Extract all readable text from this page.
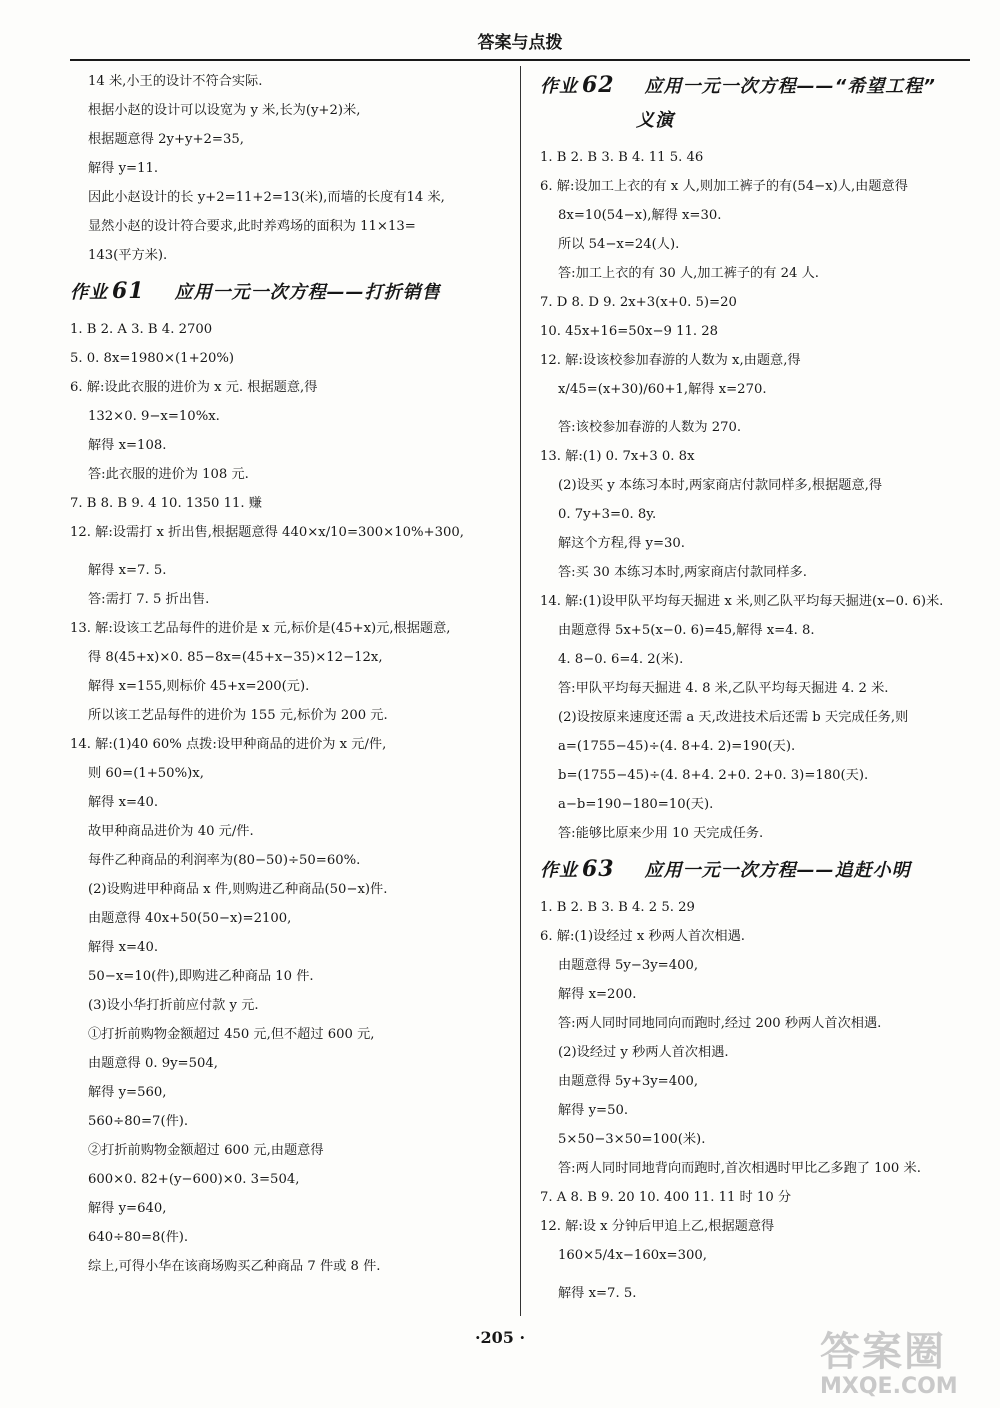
答案与点拨
14 米,小王的设计不符合实际.
根据小赵的设计可以设宽为 y 米,长为(y+2)米,
根据题意得 2y+y+2=35,
解得 y=11.
因此小赵设计的长 y+2=11+2=13(米),而墙的长度有14 米,
显然小赵的设计符合要求,此时养鸡场的面积为 11×13=
143(平方米).
作业 61 应用一元一次方程——打折销售
1. B 2. A 3. B 4. 2700
5. 0. 8x=1980×(1+20%)
6. 解:设此衣服的进价为 x 元. 根据题意,得
132×0. 9−x=10%x.
解得 x=108.
答:此衣服的进价为 108 元.
7. B 8. B 9. 4 10. 1350 11. 赚
12. 解:设需打 x 折出售,根据题意得 440×x/10=300×10%+300,
解得 x=7. 5.
答:需打 7. 5 折出售.
13. 解:设该工艺品每件的进价是 x 元,标价是(45+x)元,根据题意,
得 8(45+x)×0. 85−8x=(45+x−35)×12−12x,
解得 x=155,则标价 45+x=200(元).
所以该工艺品每件的进价为 155 元,标价为 200 元.
14. 解:(1)40 60% 点拨:设甲种商品的进价为 x 元/件,
则 60=(1+50%)x,
解得 x=40.
故甲种商品进价为 40 元/件.
每件乙种商品的利润率为(80−50)÷50=60%.
(2)设购进甲种商品 x 件,则购进乙种商品(50−x)件.
由题意得 40x+50(50−x)=2100,
解得 x=40.
50−x=10(件),即购进乙种商品 10 件.
(3)设小华打折前应付款 y 元.
①打折前购物金额超过 450 元,但不超过 600 元,
由题意得 0. 9y=504,
解得 y=560,
560÷80=7(件).
②打折前购物金额超过 600 元,由题意得
600×0. 82+(y−600)×0. 3=504,
解得 y=640,
640÷80=8(件).
综上,可得小华在该商场购买乙种商品 7 件或 8 件.
作业 62 应用一元一次方程——“希望工程”
义演
1. B 2. B 3. B 4. 11 5. 46
6. 解:设加工上衣的有 x 人,则加工裤子的有(54−x)人,由题意得
8x=10(54−x),解得 x=30.
所以 54−x=24(人).
答:加工上衣的有 30 人,加工裤子的有 24 人.
7. D 8. D 9. 2x+3(x+0. 5)=20
10. 45x+16=50x−9 11. 28
12. 解:设该校参加春游的人数为 x,由题意,得
x/45=(x+30)/60+1,解得 x=270.
答:该校参加春游的人数为 270.
13. 解:(1) 0. 7x+3 0. 8x
(2)设买 y 本练习本时,两家商店付款同样多,根据题意,得
0. 7y+3=0. 8y.
解这个方程,得 y=30.
答:买 30 本练习本时,两家商店付款同样多.
14. 解:(1)设甲队平均每天掘进 x 米,则乙队平均每天掘进(x−0. 6)米.
由题意得 5x+5(x−0. 6)=45,解得 x=4. 8.
4. 8−0. 6=4. 2(米).
答:甲队平均每天掘进 4. 8 米,乙队平均每天掘进 4. 2 米.
(2)设按原来速度还需 a 天,改进技术后还需 b 天完成任务,则
a=(1755−45)÷(4. 8+4. 2)=190(天).
b=(1755−45)÷(4. 8+4. 2+0. 2+0. 3)=180(天).
a−b=190−180=10(天).
答:能够比原来少用 10 天完成任务.
作业 63 应用一元一次方程——追赶小明
1. B 2. B 3. B 4. 2 5. 29
6. 解:(1)设经过 x 秒两人首次相遇.
由题意得 5y−3y=400,
解得 x=200.
答:两人同时同地同向而跑时,经过 200 秒两人首次相遇.
(2)设经过 y 秒两人首次相遇.
由题意得 5y+3y=400,
解得 y=50.
5×50−3×50=100(米).
答:两人同时同地背向而跑时,首次相遇时甲比乙多跑了 100 米.
7. A 8. B 9. 20 10. 400 11. 11 时 10 分
12. 解:设 x 分钟后甲追上乙,根据题意得
160×5/4x−160x=300,
解得 x=7. 5.
·205 ·	答案圈
MXQE.COM
